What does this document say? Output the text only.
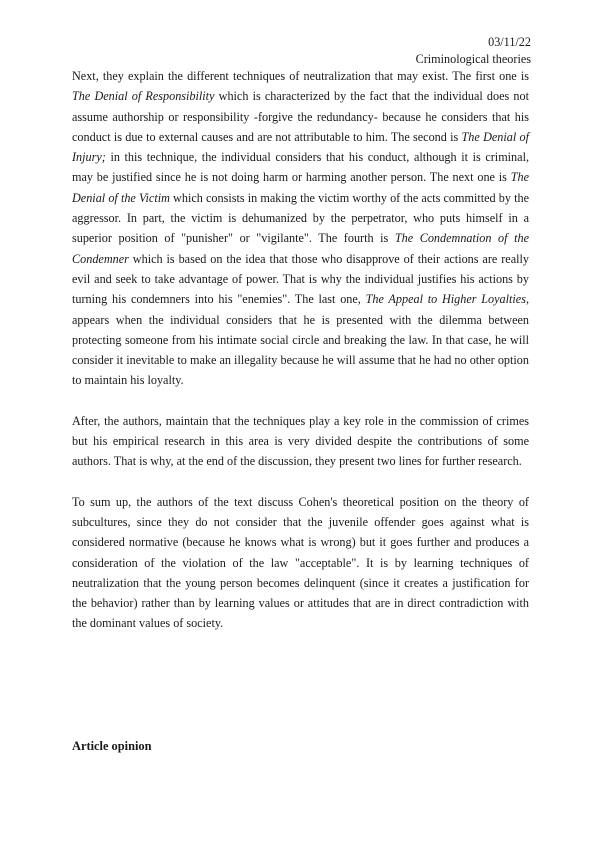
03/11/22
Criminological theories

Next, they explain the different techniques of neutralization that may exist. The first one is The Denial of Responsibility which is characterized by the fact that the individual does not assume authorship or responsibility -forgive the redundancy- because he considers that his conduct is due to external causes and are not attributable to him. The second is The Denial of Injury; in this technique, the individual considers that his conduct, although it is criminal, may be justified since he is not doing harm or harming another person. The next one is The Denial of the Victim which consists in making the victim worthy of the acts committed by the aggressor. In part, the victim is dehumanized by the perpetrator, who puts himself in a superior position of "punisher" or "vigilante". The fourth is The Condemnation of the Condemner which is based on the idea that those who disapprove of their actions are really evil and seek to take advantage of power. That is why the individual justifies his actions by turning his condemners into his "enemies". The last one, The Appeal to Higher Loyalties, appears when the individual considers that he is presented with the dilemma between protecting someone from his intimate social circle and breaking the law. In that case, he will consider it inevitable to make an illegality because he will assume that he had no other option to maintain his loyalty.

After, the authors, maintain that the techniques play a key role in the commission of crimes but his empirical research in this area is very divided despite the contributions of some authors. That is why, at the end of the discussion, they present two lines for further research.

To sum up, the authors of the text discuss Cohen's theoretical position on the theory of subcultures, since they do not consider that the juvenile offender goes against what is considered normative (because he knows what is wrong) but it goes further and produces a consideration of the violation of the law "acceptable". It is by learning techniques of neutralization that the young person becomes delinquent (since it creates a justification for the behavior) rather than by learning values or attitudes that are in direct contradiction with the dominant values of society.

Article opinion
